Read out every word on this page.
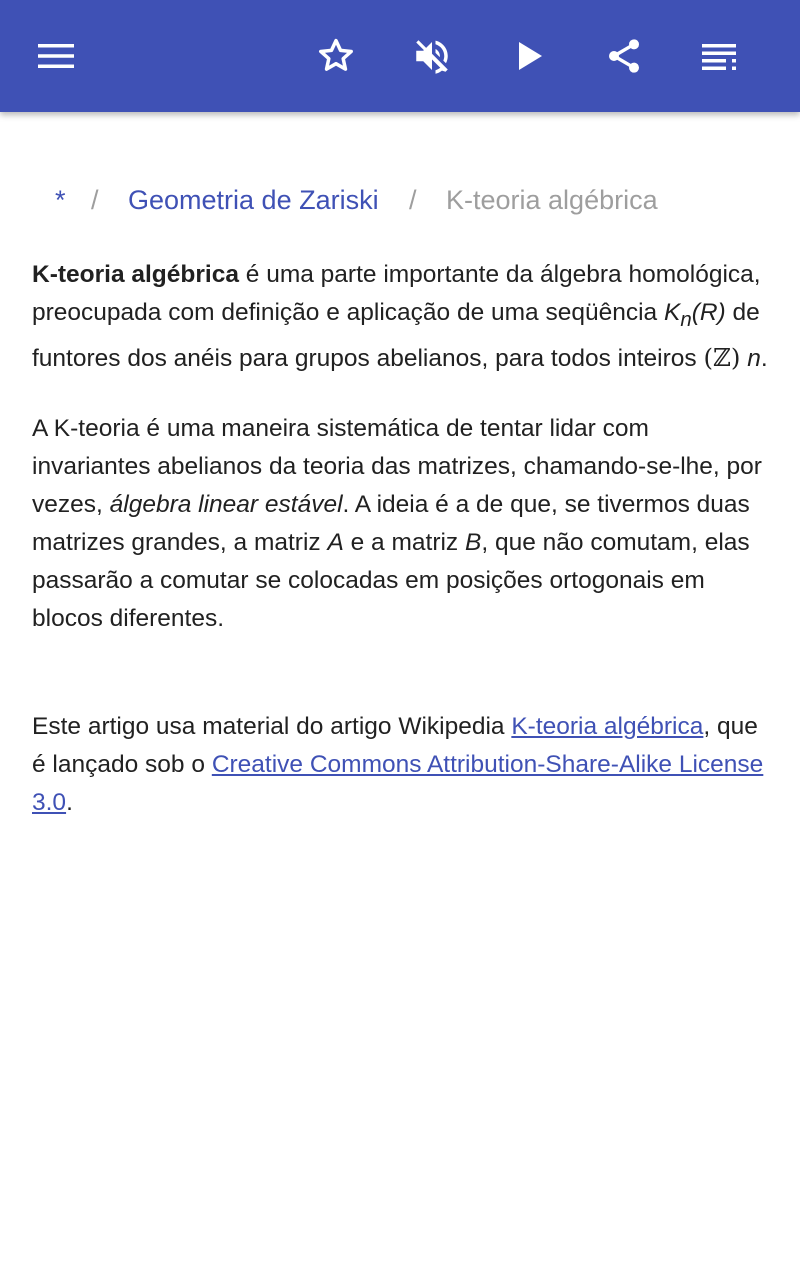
* / Geometria de Zariski / K-teoria algébrica

K-teoria algébrica é uma parte importante da álgebra homológica, preocupada com definição e aplicação de uma seqüência $K_n(R)$ de funtores dos anéis para grupos abelianos, para todos inteiros (ℤ) n.

A K-teoria é uma maneira sistemática de tentar lidar com invariantes abelianos da teoria das matrizes, chamando-se-lhe, por vezes, álgebra linear estável. A ideia é a de que, se tivermos duas matrizes grandes, a matriz A e a matriz B, que não comutam, elas passarão a comutar se colocadas em posições ortogonais em blocos diferentes.

Este artigo usa material do artigo Wikipedia K-teoria algébrica, que é lançado sob o Creative Commons Attribution-Share-Alike License 3.0.
